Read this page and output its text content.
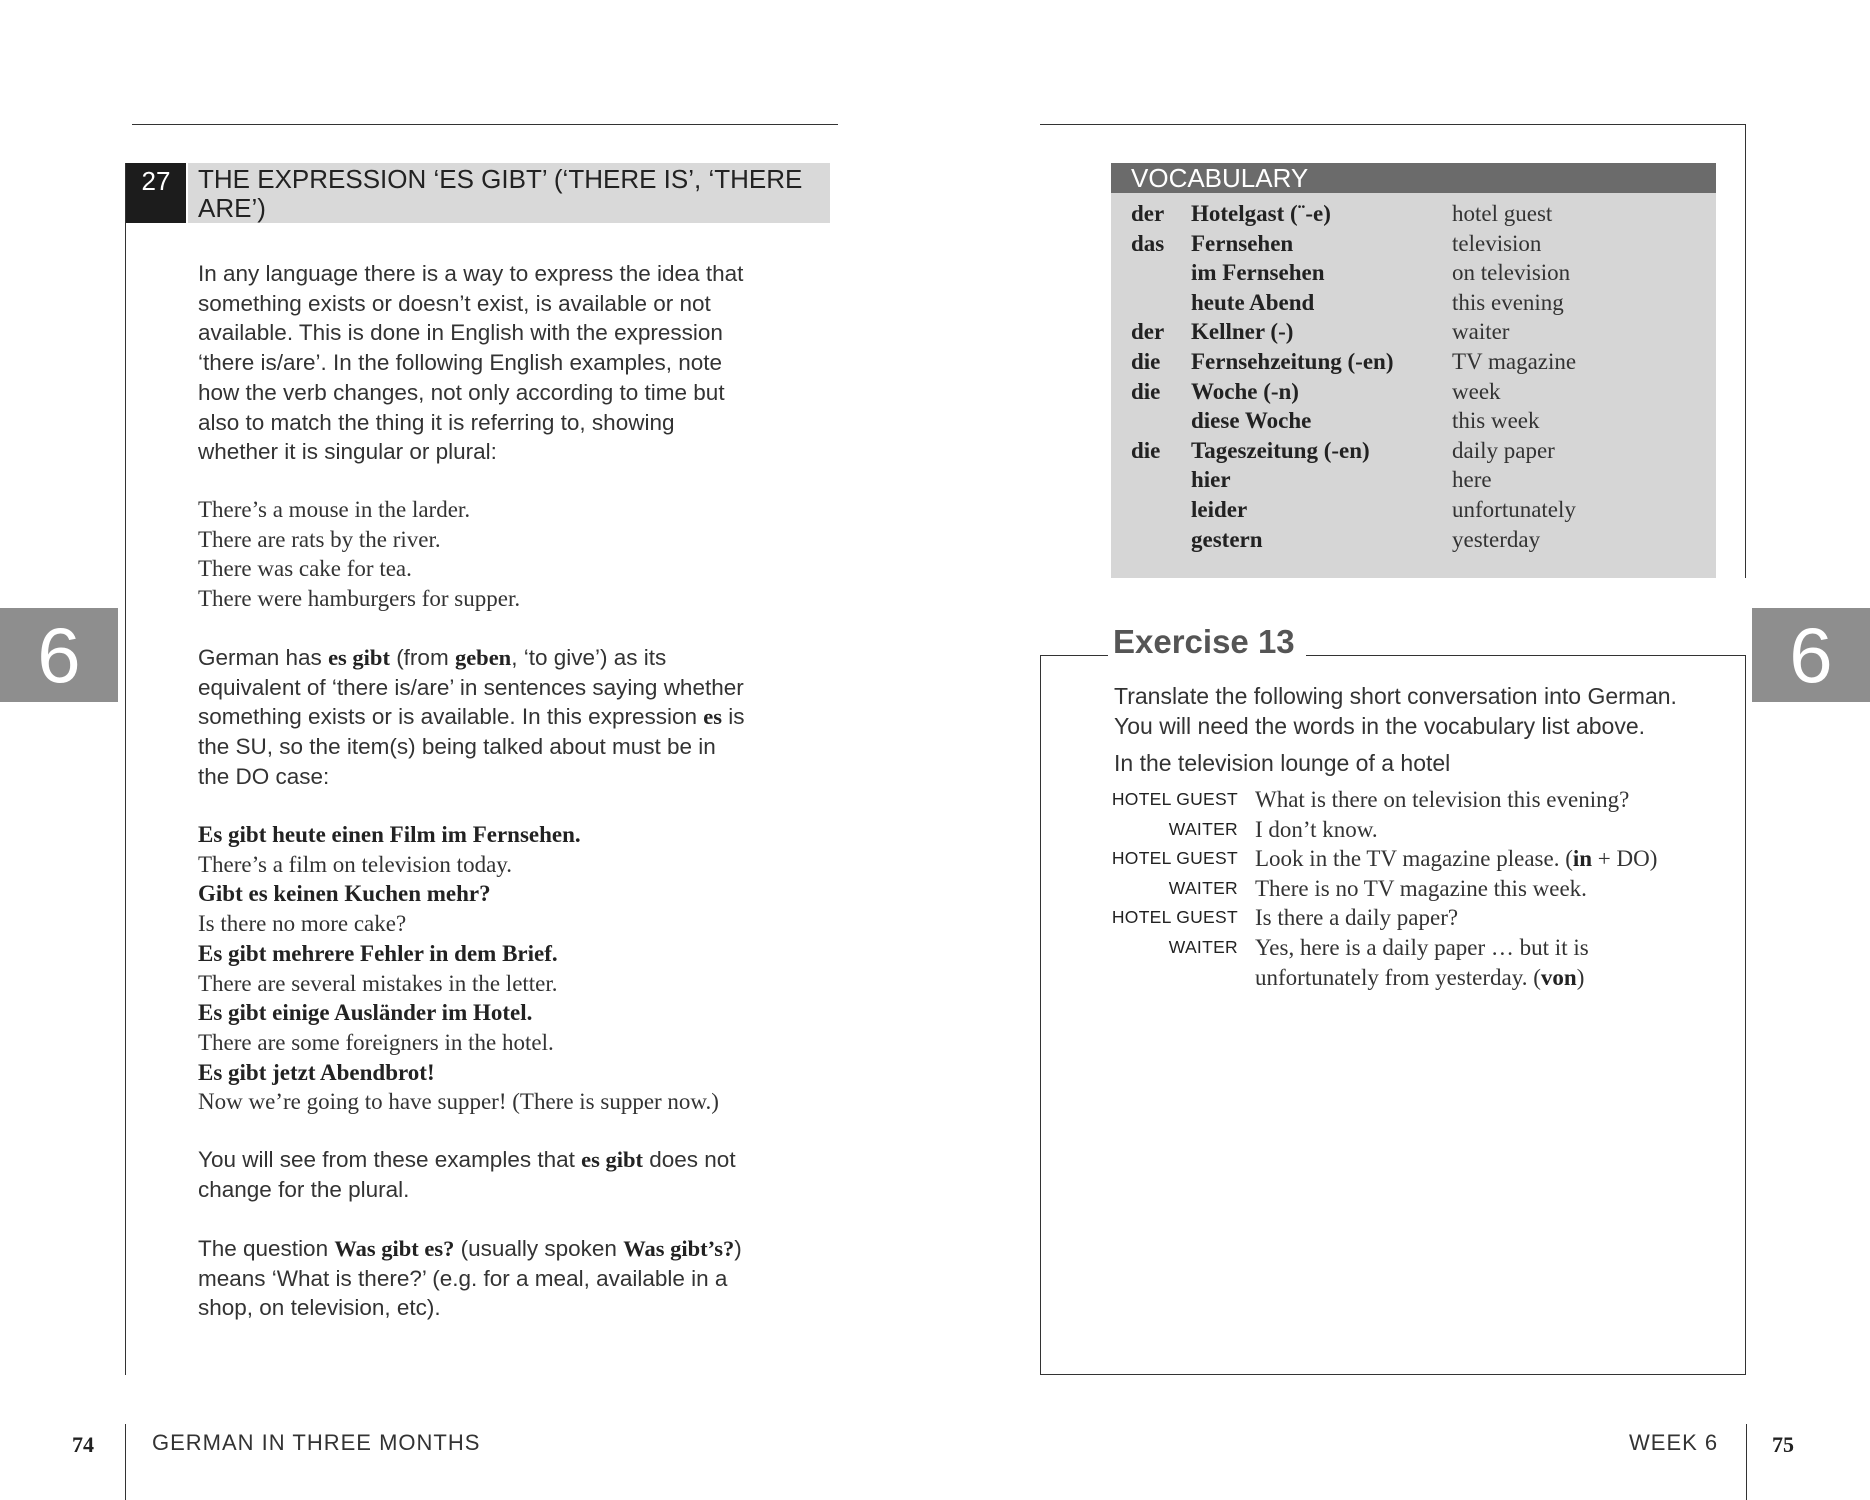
6	6
27	THE EXPRESSION ‘ES GIBT’ (‘THERE IS’, ‘THERE ARE’)
In any language there is a way to express the idea that
something exists or doesn’t exist, is available or not
available. This is done in English with the expression
‘there is/are’. In the following English examples, note
how the verb changes, not only according to time but
also to match the thing it is referring to, showing
whether it is singular or plural:
There’s a mouse in the larder.
There are rats by the river.
There was cake for tea.
There were hamburgers for supper.
German has es gibt (from geben, ‘to give’) as its
equivalent of ‘there is/are’ in sentences saying whether
something exists or is available. In this expression es is
the SU, so the item(s) being talked about must be in
the DO case:
Es gibt heute einen Film im Fernsehen.
There’s a film on television today.
Gibt es keinen Kuchen mehr?
Is there no more cake?
Es gibt mehrere Fehler in dem Brief.
There are several mistakes in the letter.
Es gibt einige Ausländer im Hotel.
There are some foreigners in the hotel.
Es gibt jetzt Abendbrot!
Now we’re going to have supper! (There is supper now.)
You will see from these examples that es gibt does not
change for the plural.
The question Was gibt es? (usually spoken Was gibt’s?)
means ‘What is there?’ (e.g. for a meal, available in a
shop, on television, etc).
VOCABULARY
der Hotelgast (¨-e)	hotel guest
das Fernsehen	television
im Fernsehen	on television
heute Abend	this evening
der Kellner (-)	waiter
die Fernsehzeitung (-en)	TV magazine
die Woche (-n)	week
diese Woche	this week
die Tageszeitung (-en)	daily paper
hier	here
leider	unfortunately
gestern	yesterday
Exercise 13
Translate the following short conversation into German.
You will need the words in the vocabulary list above.
In the television lounge of a hotel
HOTEL GUEST What is there on television this evening?
WAITER I don’t know.
HOTEL GUEST Look in the TV magazine please. (in + DO)
WAITER There is no TV magazine this week.
HOTEL GUEST Is there a daily paper?
WAITER Yes, here is a daily paper … but it is
unfortunately from yesterday. (von)
74	GERMAN IN THREE MONTHS	WEEK 6 75
